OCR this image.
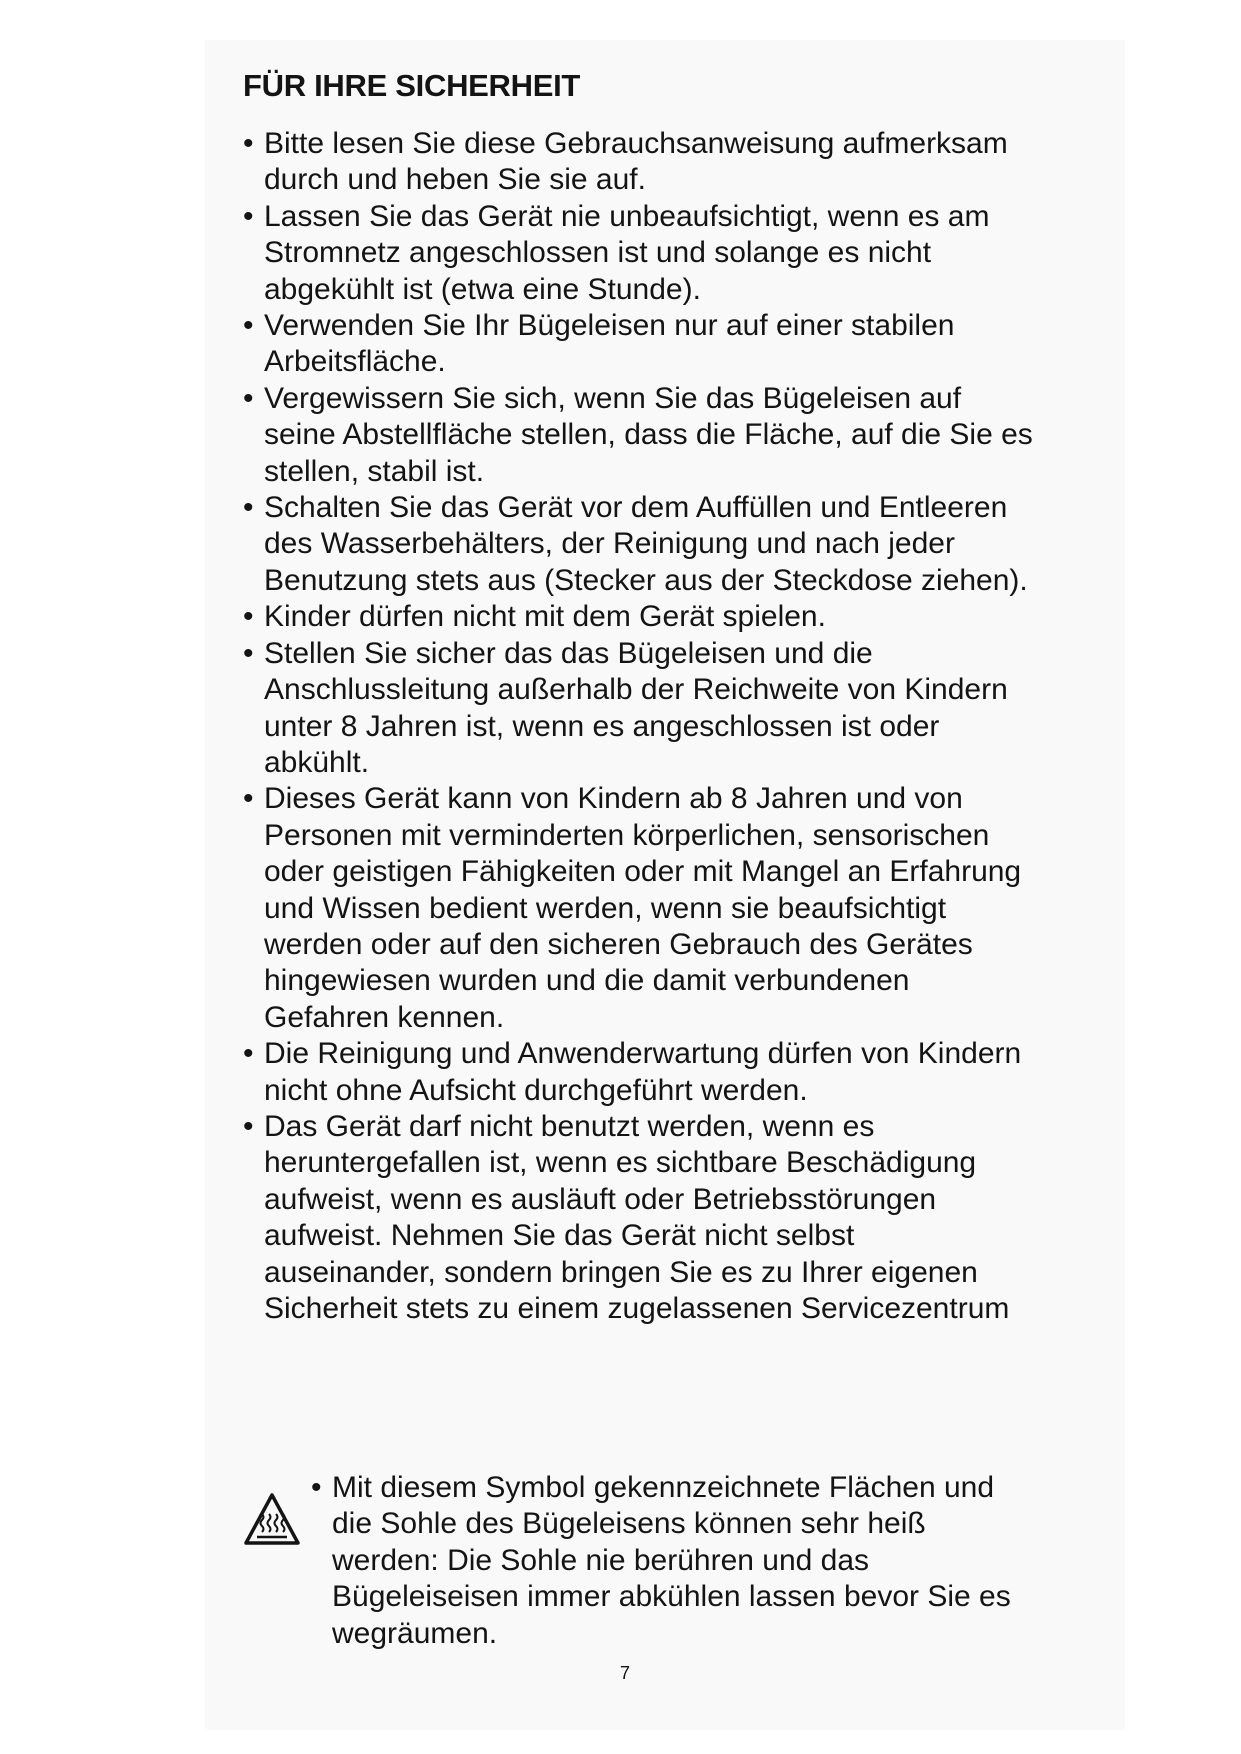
FÜR IHRE SICHERHEIT
• Bitte lesen Sie diese Gebrauchsanweisung aufmerksam durch und heben Sie sie auf.
• Lassen Sie das Gerät nie unbeaufsichtigt, wenn es am Stromnetz angeschlossen ist und solange es nicht abgekühlt ist (etwa eine Stunde).
• Verwenden Sie Ihr Bügeleisen nur auf einer stabilen Arbeitsfläche.
• Vergewissern Sie sich, wenn Sie das Bügeleisen auf seine Abstellfläche stellen, dass die Fläche, auf die Sie es stellen, stabil ist.
• Schalten Sie das Gerät vor dem Auffüllen und Entleeren des Wasserbehälters, der Reinigung und nach jeder Benutzung stets aus (Stecker aus der Steckdose ziehen).
• Kinder dürfen nicht mit dem Gerät spielen.
• Stellen Sie sicher das das Bügeleisen und die Anschlussleitung außerhalb der Reichweite von Kindern unter 8 Jahren ist, wenn es angeschlossen ist oder abkühlt.
• Dieses Gerät kann von Kindern ab 8 Jahren und von Personen mit verminderten körperlichen, sensorischen oder geistigen Fähigkeiten oder mit Mangel an Erfahrung und Wissen bedient werden, wenn sie beaufsichtigt werden oder auf den sicheren Gebrauch des Gerätes hingewiesen wurden und die damit verbundenen Gefahren kennen.
• Die Reinigung und Anwenderwartung dürfen von Kindern nicht ohne Aufsicht durchgeführt werden.
• Das Gerät darf nicht benutzt werden, wenn es heruntergefallen ist, wenn es sichtbare Beschädigung aufweist, wenn es ausläuft oder Betriebsstörungen aufweist. Nehmen Sie das Gerät nicht selbst auseinander, sondern bringen Sie es zu Ihrer eigenen Sicherheit stets zu einem zugelassenen Servicezentrum
• Mit diesem Symbol gekennzeichnete Flächen und die Sohle des Bügeleisens können sehr heiß werden: Die Sohle nie berühren und das Bügeleiseisen immer abkühlen lassen bevor Sie es wegräumen.
7
